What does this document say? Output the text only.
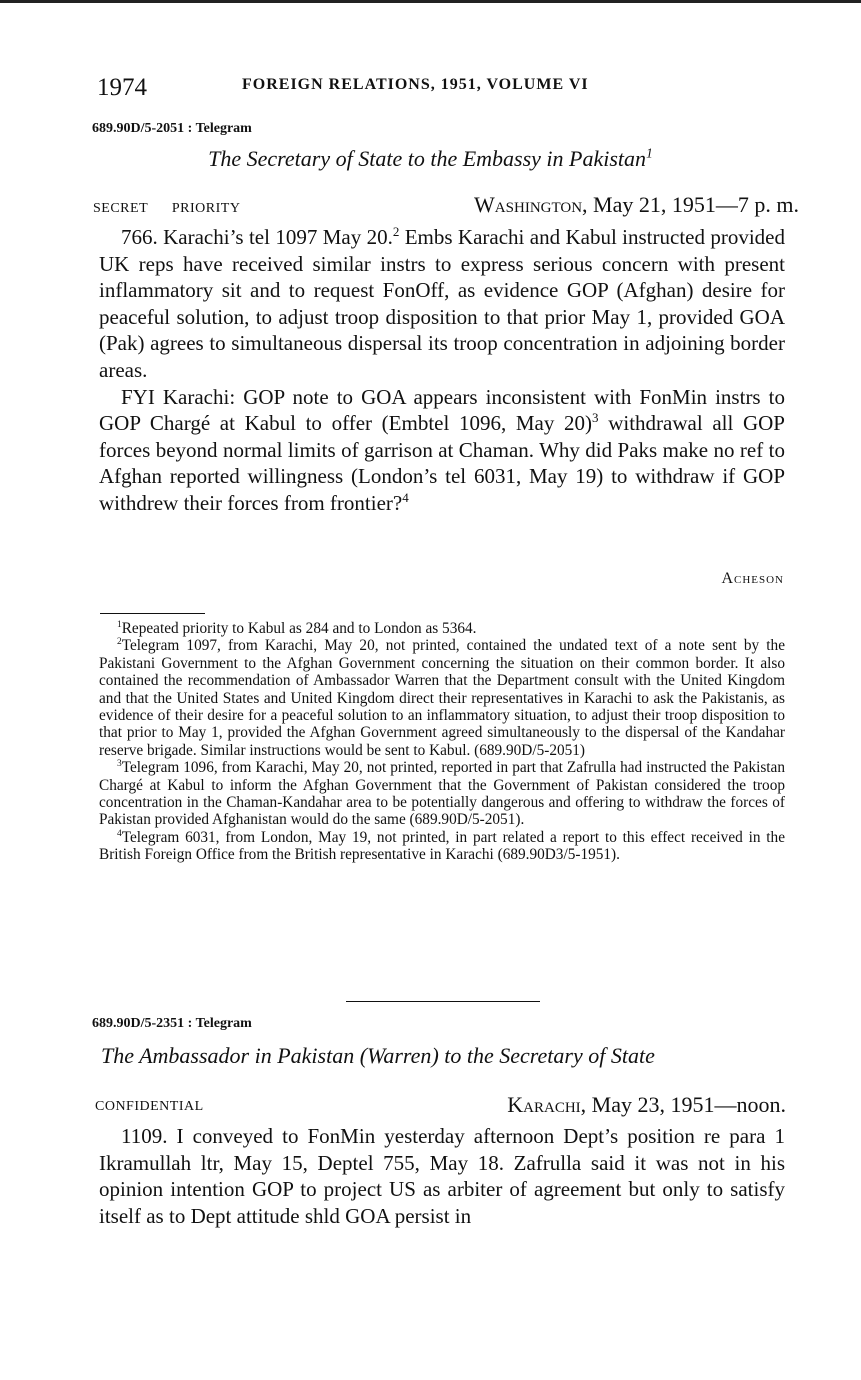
1974	FOREIGN RELATIONS, 1951, VOLUME VI
689.90D/5-2051 : Telegram
The Secretary of State to the Embassy in Pakistan$^1$
SECRET      PRIORITY	Washington, May 21, 1951—7 p. m.

766. Karachi’s tel 1097 May 20.$^2$ Embs Karachi and Kabul instructed provided UK reps have received similar instrs to express serious concern with present inflammatory sit and to request FonOff, as evidence GOP (Afghan) desire for peaceful solution, to adjust troop disposition to that prior May 1, provided GOA (Pak) agrees to simultaneous dispersal its troop concentration in adjoining border areas.

FYI Karachi: GOP note to GOA appears inconsistent with FonMin instrs to GOP Chargé at Kabul to offer (Embtel 1096, May 20)$^3$ withdrawal all GOP forces beyond normal limits of garrison at Chaman. Why did Paks make no ref to Afghan reported willingness (London’s tel 6031, May 19) to withdraw if GOP withdrew their forces from frontier?$^4$

Acheson

$^1$Repeated priority to Kabul as 284 and to London as 5364.

$^2$Telegram 1097, from Karachi, May 20, not printed, contained the undated text of a note sent by the Pakistani Government to the Afghan Government concerning the situation on their common border. It also contained the recommendation of Ambassador Warren that the Department consult with the United Kingdom and that the United States and United Kingdom direct their representatives in Karachi to ask the Pakistanis, as evidence of their desire for a peaceful solution to an inflammatory situation, to adjust their troop disposition to that prior to May 1, provided the Afghan Government agreed simultaneously to the dispersal of the Kandahar reserve brigade. Similar instructions would be sent to Kabul. (689.90D/5-2051)

$^3$Telegram 1096, from Karachi, May 20, not printed, reported in part that Zafrulla had instructed the Pakistan Chargé at Kabul to inform the Afghan Government that the Government of Pakistan considered the troop concentration in the Chaman-Kandahar area to be potentially dangerous and offering to withdraw the forces of Pakistan provided Afghanistan would do the same (689.90D/5-2051).

$^4$Telegram 6031, from London, May 19, not printed, in part related a report to this effect received in the British Foreign Office from the British representative in Karachi (689.90D3/5-1951).

689.90D/5-2351 : Telegram
The Ambassador in Pakistan (Warren) to the Secretary of State
CONFIDENTIAL	Karachi, May 23, 1951—noon.

1109. I conveyed to FonMin yesterday afternoon Dept’s position re para 1 Ikramullah ltr, May 15, Deptel 755, May 18. Zafrulla said it was not in his opinion intention GOP to project US as arbiter of agreement but only to satisfy itself as to Dept attitude shld GOA persist in
